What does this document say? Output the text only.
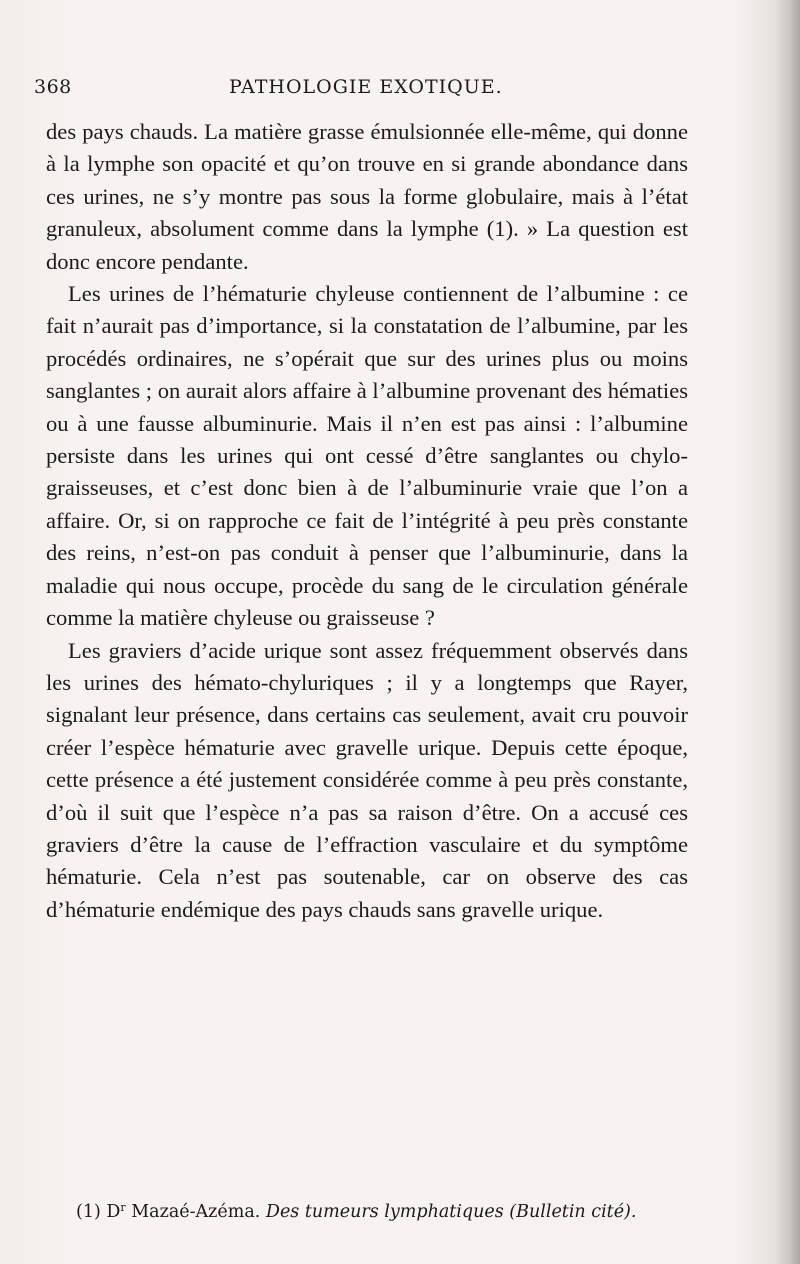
368	PATHOLOGIE EXOTIQUE.

des pays chauds. La matière grasse émulsionnée elle-même, qui donne à la lymphe son opacité et qu’on trouve en si grande abondance dans ces urines, ne s’y montre pas sous la forme globulaire, mais à l’état granuleux, absolument comme dans la lymphe (1). » La question est donc encore pendante.

Les urines de l’hématurie chyleuse contiennent de l’albumine : ce fait n’aurait pas d’importance, si la constatation de l’albumine, par les procédés ordinaires, ne s’opérait que sur des urines plus ou moins sanglantes ; on aurait alors affaire à l’albumine provenant des hématies ou à une fausse albuminurie. Mais il n’en est pas ainsi : l’albumine persiste dans les urines qui ont cessé d’être sanglantes ou chylo-graisseuses, et c’est donc bien à de l’albuminurie vraie que l’on a affaire. Or, si on rapproche ce fait de l’intégrité à peu près constante des reins, n’est-on pas conduit à penser que l’albuminurie, dans la maladie qui nous occupe, procède du sang de le circulation générale comme la matière chyleuse ou graisseuse ?

Les graviers d’acide urique sont assez fréquemment observés dans les urines des hémato-chyluriques ; il y a longtemps que Rayer, signalant leur présence, dans certains cas seulement, avait cru pouvoir créer l’espèce hématurie avec gravelle urique. Depuis cette époque, cette présence a été justement considérée comme à peu près constante, d’où il suit que l’espèce n’a pas sa raison d’être. On a accusé ces graviers d’être la cause de l’effraction vasculaire et du symptôme hématurie. Cela n’est pas soutenable, car on observe des cas d’hématurie endémique des pays chauds sans gravelle urique.

(1) $D^r$ Mazaé-Azéma. Des tumeurs lymphatiques (Bulletin cité).
